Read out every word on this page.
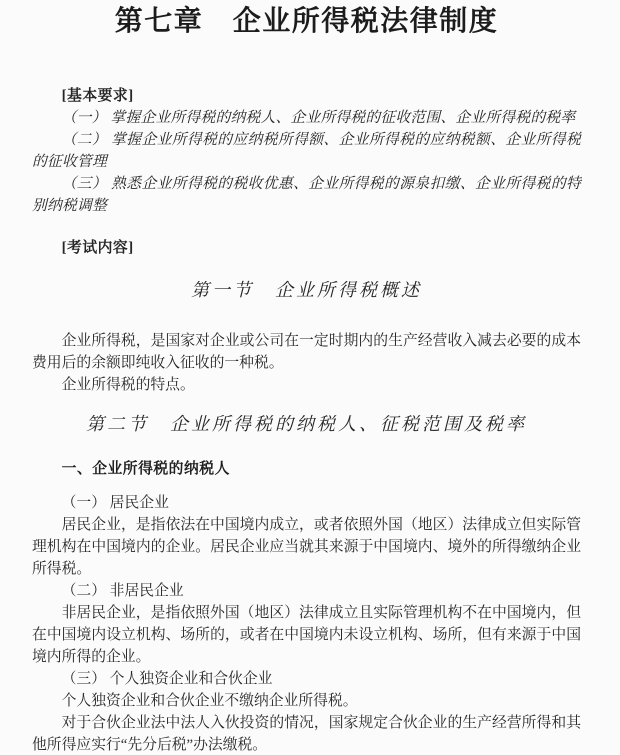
第七章　企业所得税法律制度

[基本要求]

（一） 掌握企业所得税的纳税人、企业所得税的征收范围、企业所得税的税率

（二） 掌握企业所得税的应纳税所得额、企业所得税的应纳税额、企业所得税的征收管理

（三） 熟悉企业所得税的税收优惠、企业所得税的源泉扣缴、企业所得税的特别纳税调整

[考试内容]

第一节　企业所得税概述

企业所得税，是国家对企业或公司在一定时期内的生产经营收入减去必要的成本费用后的余额即纯收入征收的一种税。

企业所得税的特点。

第二节　企业所得税的纳税人、征税范围及税率
一、企业所得税的纳税人

（一） 居民企业

居民企业，是指依法在中国境内成立，或者依照外国（地区）法律成立但实际管理机构在中国境内的企业。居民企业应当就其来源于中国境内、境外的所得缴纳企业所得税。

（二） 非居民企业

非居民企业，是指依照外国（地区）法律成立且实际管理机构不在中国境内，但在中国境内设立机构、场所的，或者在中国境内未设立机构、场所，但有来源于中国境内所得的企业。

（三） 个人独资企业和合伙企业

个人独资企业和合伙企业不缴纳企业所得税。

对于合伙企业法中法人入伙投资的情况，国家规定合伙企业的生产经营所得和其他所得应实行“先分后税”办法缴税。
